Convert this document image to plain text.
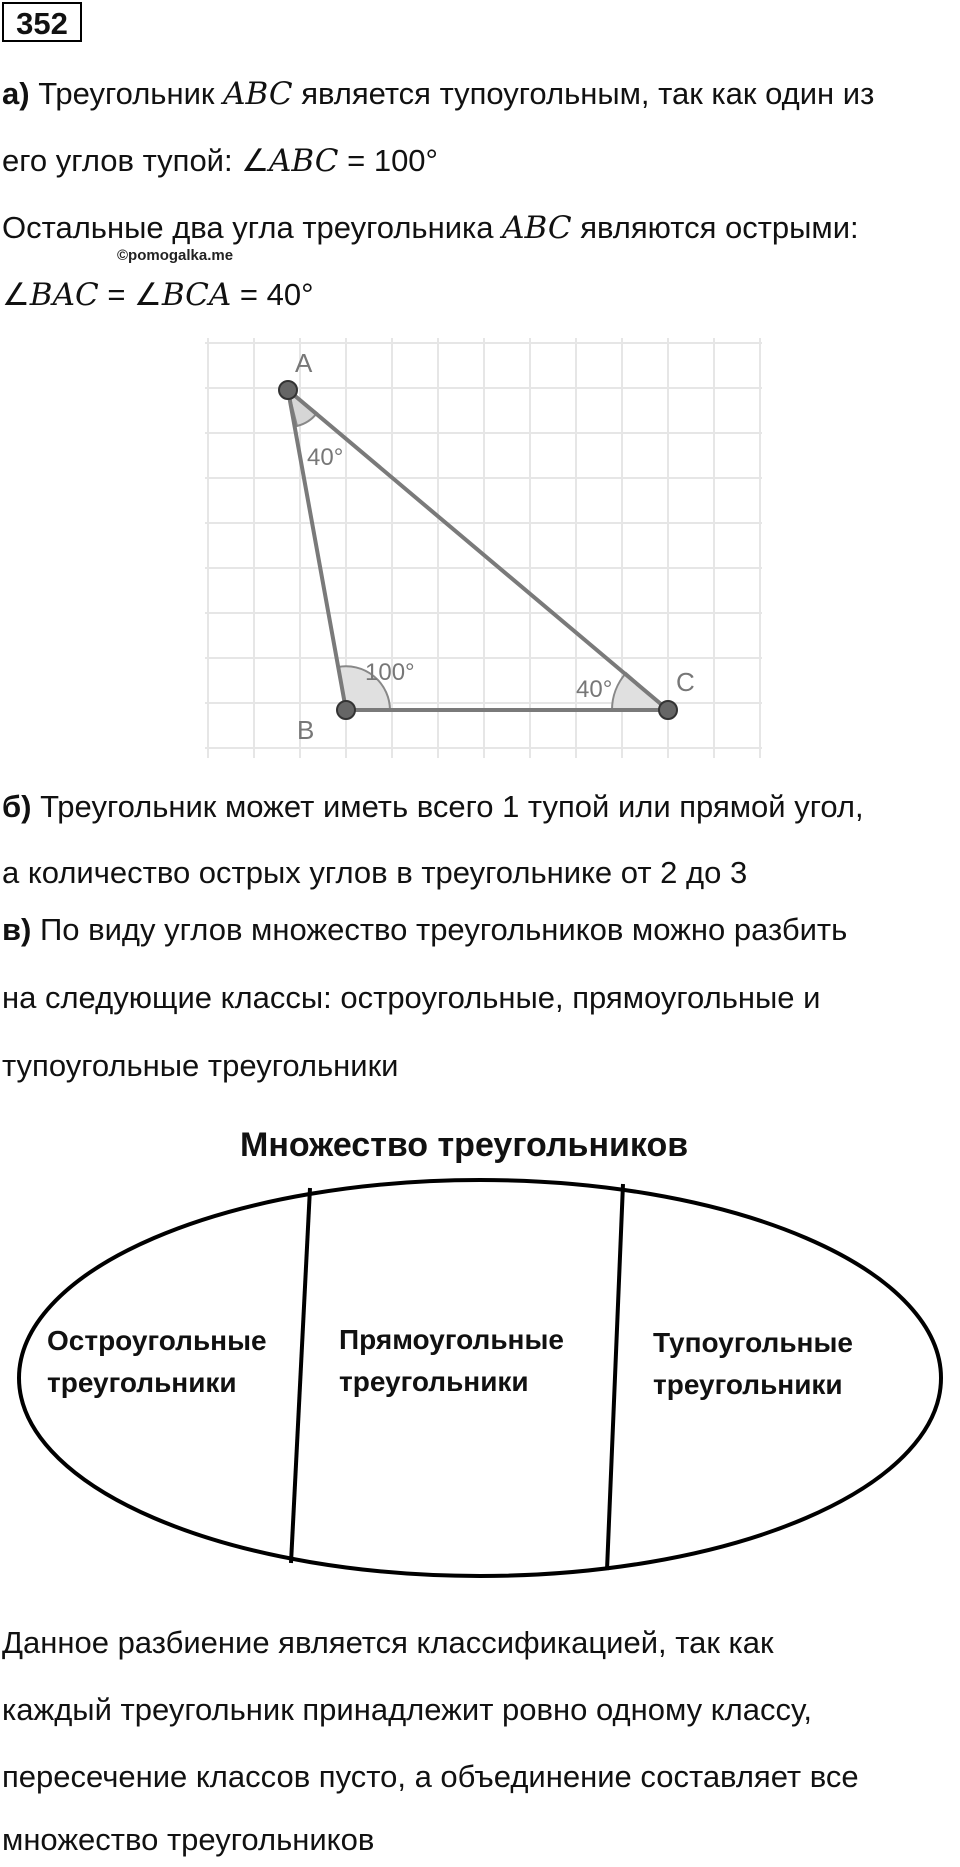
352
а) Треугольник ABC является тупоугольным, так как один из
его углов тупой: ∠ABC = 100°
Остальные два угла треугольника ABC являются острыми:
©pomogalka.me
∠BAC = ∠BCA = 40°
A
B
C
40°
100°
40°
б) Треугольник может иметь всего 1 тупой или прямой угол,
а количество острых углов в треугольнике от 2 до 3
в) По виду углов множество треугольников можно разбить
на следующие классы: остроугольные, прямоугольные и
тупоугольные треугольники
Множество треугольников
Остроугольные
треугольники
Прямоугольные
треугольники
Тупоугольные
треугольники
Данное разбиение является классификацией, так как
каждый треугольник принадлежит ровно одному классу,
пересечение классов пусто, а объединение составляет все
множество треугольников
